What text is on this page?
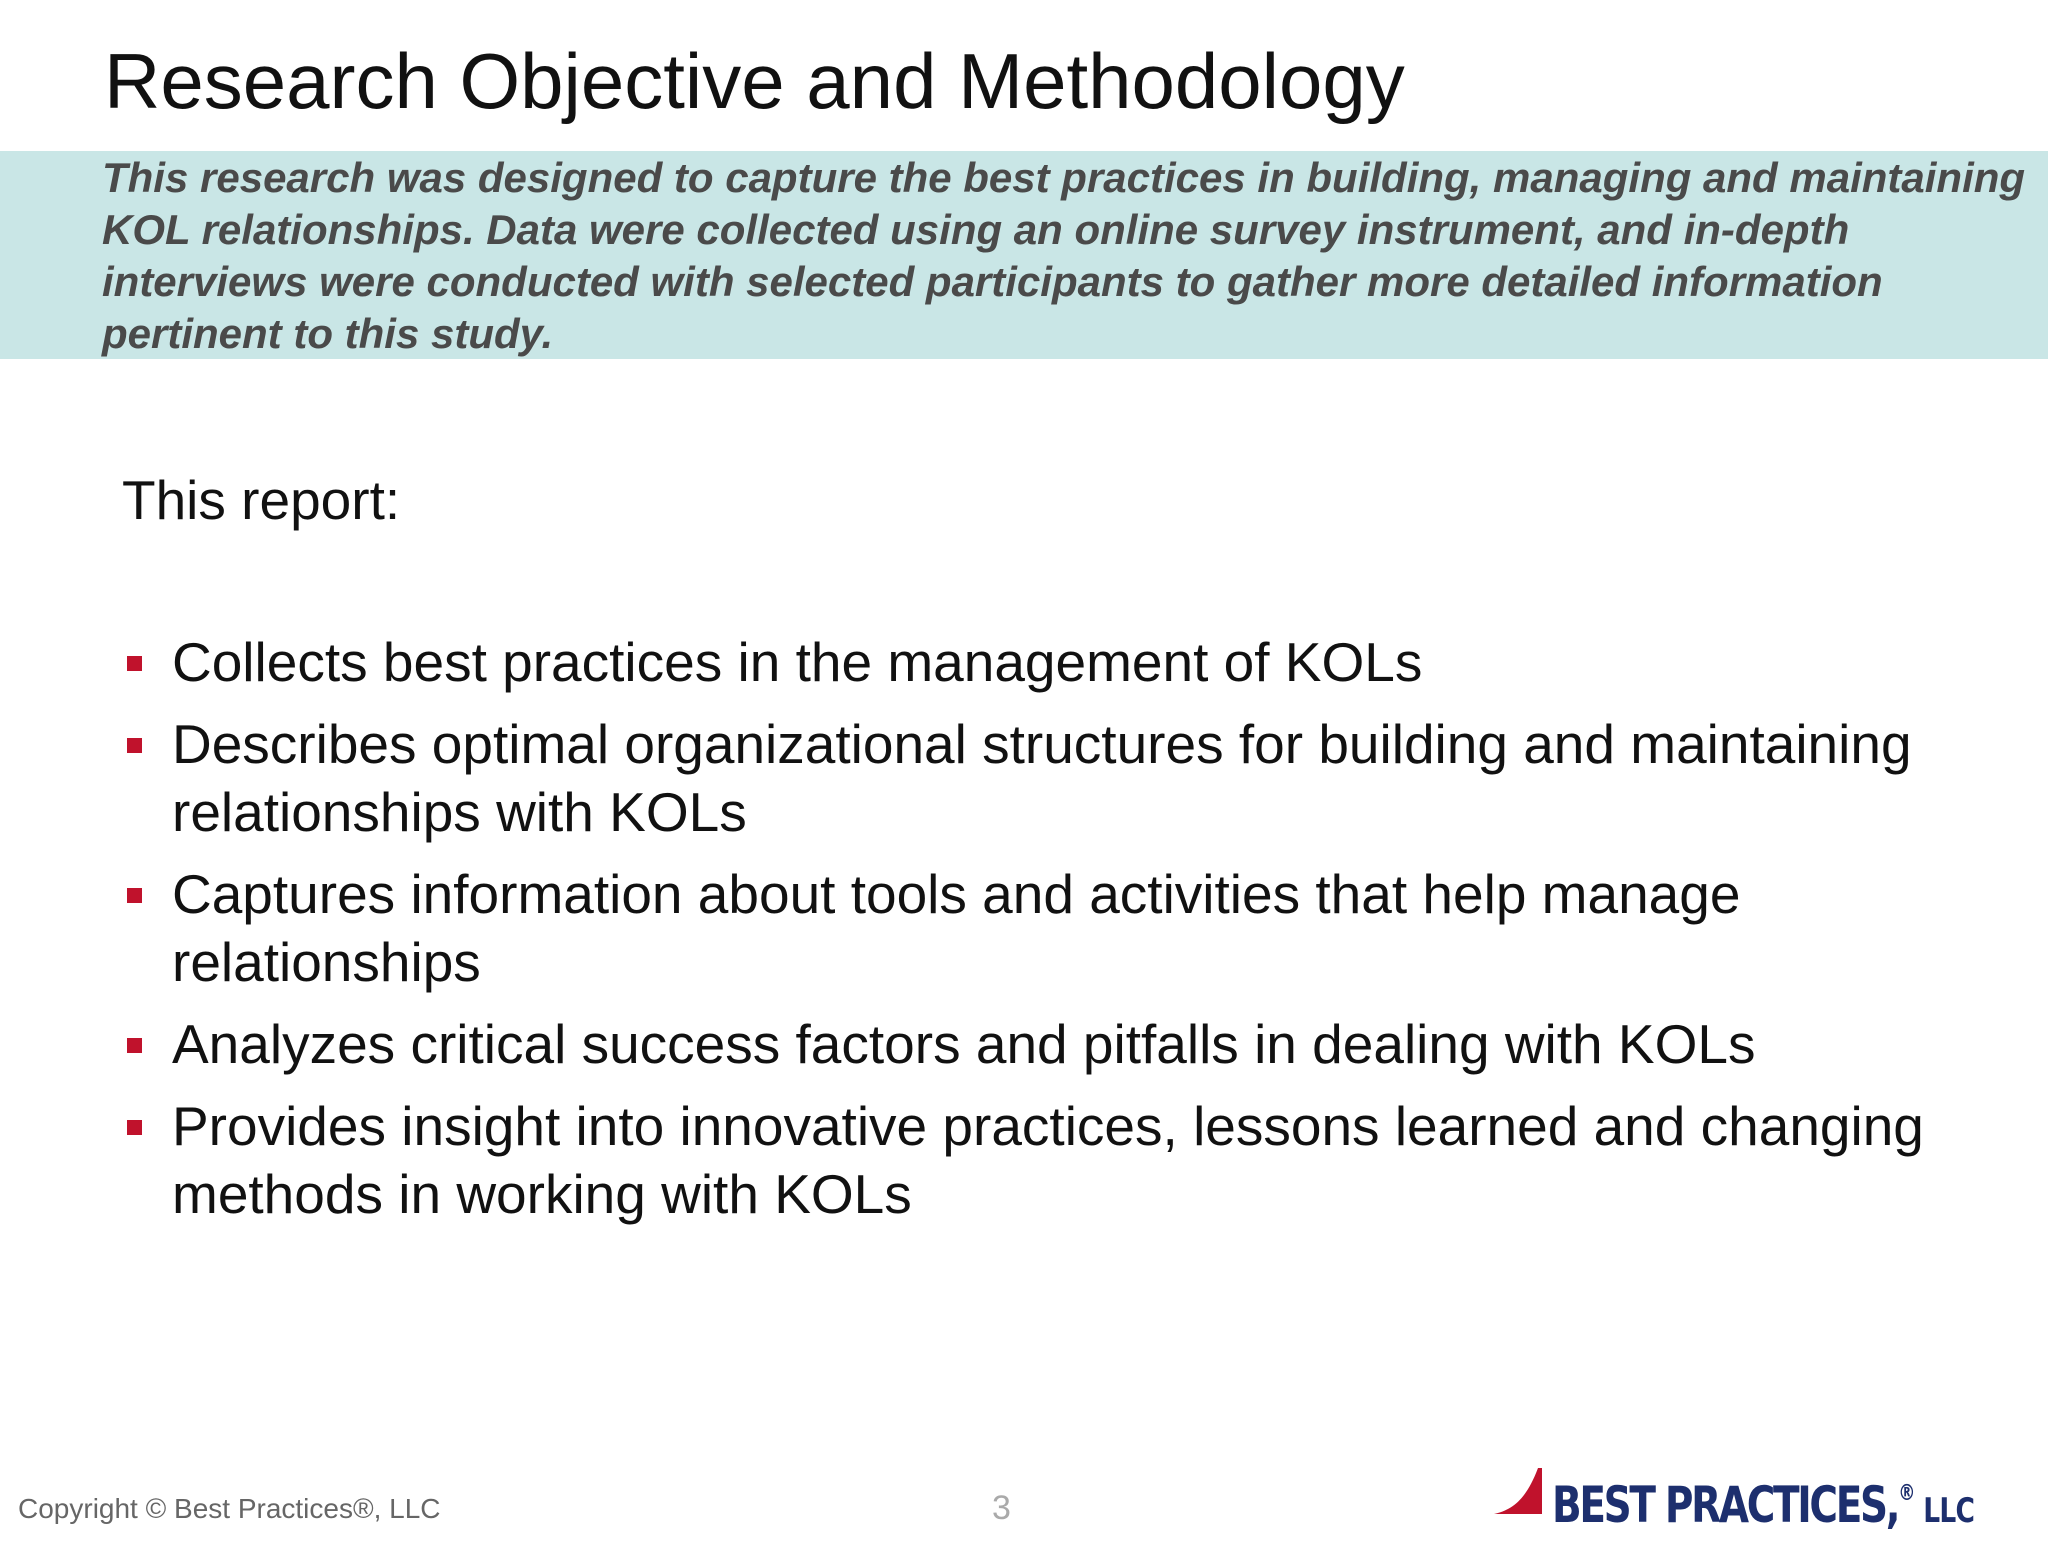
Research Objective and Methodology

This research was designed to capture the best practices in building, managing and maintaining KOL relationships. Data were collected using an online survey instrument, and in-depth interviews were conducted with selected participants to gather more detailed information pertinent to this study.

This report:

Collects best practices in the management of KOLs
Describes optimal organizational structures for building and maintaining relationships with KOLs
Captures information about tools and activities that help manage relationships
Analyzes critical success factors and pitfalls in dealing with KOLs
Provides insight into innovative practices, lessons learned and changing methods in working with KOLs
Copyright © Best Practices®, LLC	3	BEST PRACTICES,® LLC
